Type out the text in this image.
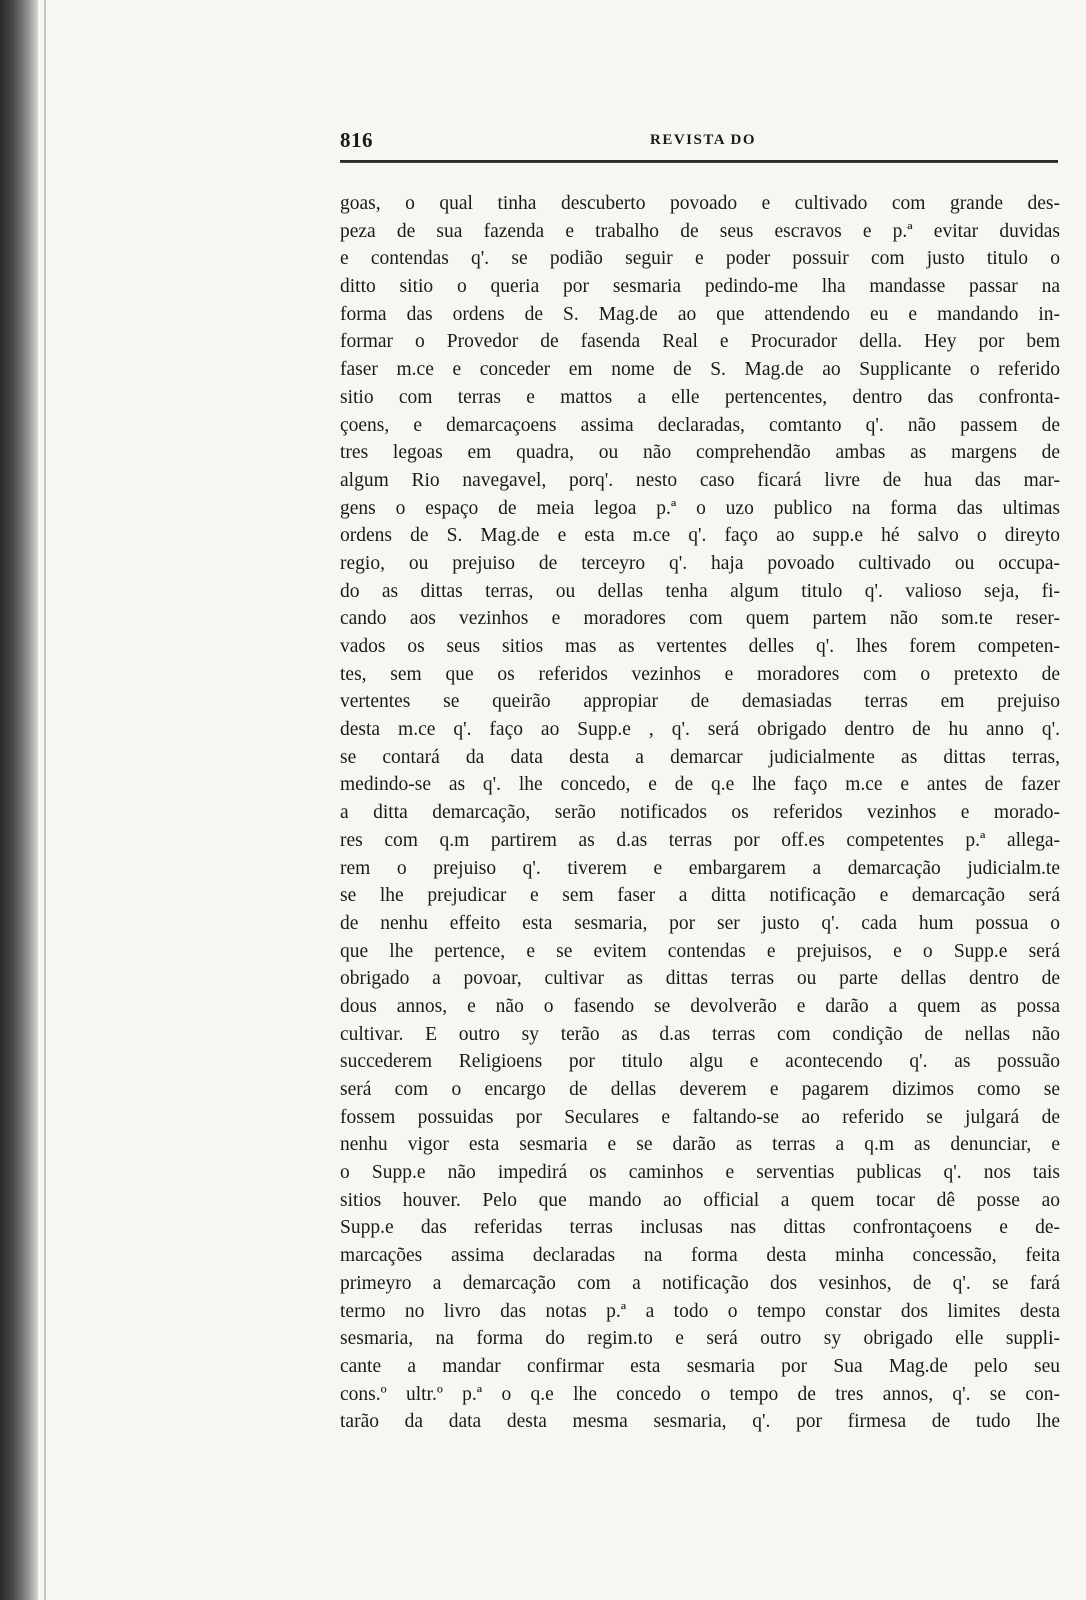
816	REVISTA DO
goas, o qual tinha descuberto povoado e cultivado com grande des-
peza de sua fazenda e trabalho de seus escravos e p.ª evitar duvidas
e contendas q'. se podião seguir e poder possuir com justo titulo o
ditto sitio o queria por sesmaria pedindo-me lha mandasse passar na
forma das ordens de S. Mag.de ao que attendendo eu e mandando in-
formar o Provedor de fasenda Real e Procurador della. Hey por bem
faser m.ce e conceder em nome de S. Mag.de ao Supplicante o referido
sitio com terras e mattos a elle pertencentes, dentro das confronta-
çoens, e demarcaçoens assima declaradas, comtanto q'. não passem de
tres legoas em quadra, ou não comprehendão ambas as margens de
algum Rio navegavel, porq'. nesto caso ficará livre de hua das mar-
gens o espaço de meia legoa p.ª o uzo publico na forma das ultimas
ordens de S. Mag.de e esta m.ce q'. faço ao supp.e hé salvo o direyto
regio, ou prejuiso de terceyro q'. haja povoado cultivado ou occupa-
do as dittas terras, ou dellas tenha algum titulo q'. valioso seja, fi-
cando aos vezinhos e moradores com quem partem não som.te reser-
vados os seus sitios mas as vertentes delles q'. lhes forem competen-
tes, sem que os referidos vezinhos e moradores com o pretexto de
vertentes se queirão appropiar de demasiadas terras em prejuiso
desta m.ce q'. faço ao Supp.e , q'. será obrigado dentro de hu anno q'.
se contará da data desta a demarcar judicialmente as dittas terras,
medindo-se as q'. lhe concedo, e de q.e lhe faço m.ce e antes de fazer
a ditta demarcação, serão notificados os referidos vezinhos e morado-
res com q.m partirem as d.as terras por off.es competentes p.ª allega-
rem o prejuiso q'. tiverem e embargarem a demarcação judicialm.te
se lhe prejudicar e sem faser a ditta notificação e demarcação será
de nenhu effeito esta sesmaria, por ser justo q'. cada hum possua o
que lhe pertence, e se evitem contendas e prejuisos, e o Supp.e será
obrigado a povoar, cultivar as dittas terras ou parte dellas dentro de
dous annos, e não o fasendo se devolverão e darão a quem as possa
cultivar. E outro sy terão as d.as terras com condição de nellas não
succederem Religioens por titulo algu e acontecendo q'. as possuão
será com o encargo de dellas deverem e pagarem dizimos como se
fossem possuidas por Seculares e faltando-se ao referido se julgará de
nenhu vigor esta sesmaria e se darão as terras a q.m as denunciar, e
o Supp.e não impedirá os caminhos e serventias publicas q'. nos tais
sitios houver. Pelo que mando ao official a quem tocar dê posse ao
Supp.e das referidas terras inclusas nas dittas confrontaçoens e de-
marcações assima declaradas na forma desta minha concessão, feita
primeyro a demarcação com a notificação dos vesinhos, de q'. se fará
termo no livro das notas p.ª a todo o tempo constar dos limites desta
sesmaria, na forma do regim.to e será outro sy obrigado elle suppli-
cante a mandar confirmar esta sesmaria por Sua Mag.de pelo seu
cons.º ultr.º p.ª o q.e lhe concedo o tempo de tres annos, q'. se con-
tarão da data desta mesma sesmaria, q'. por firmesa de tudo lhe
